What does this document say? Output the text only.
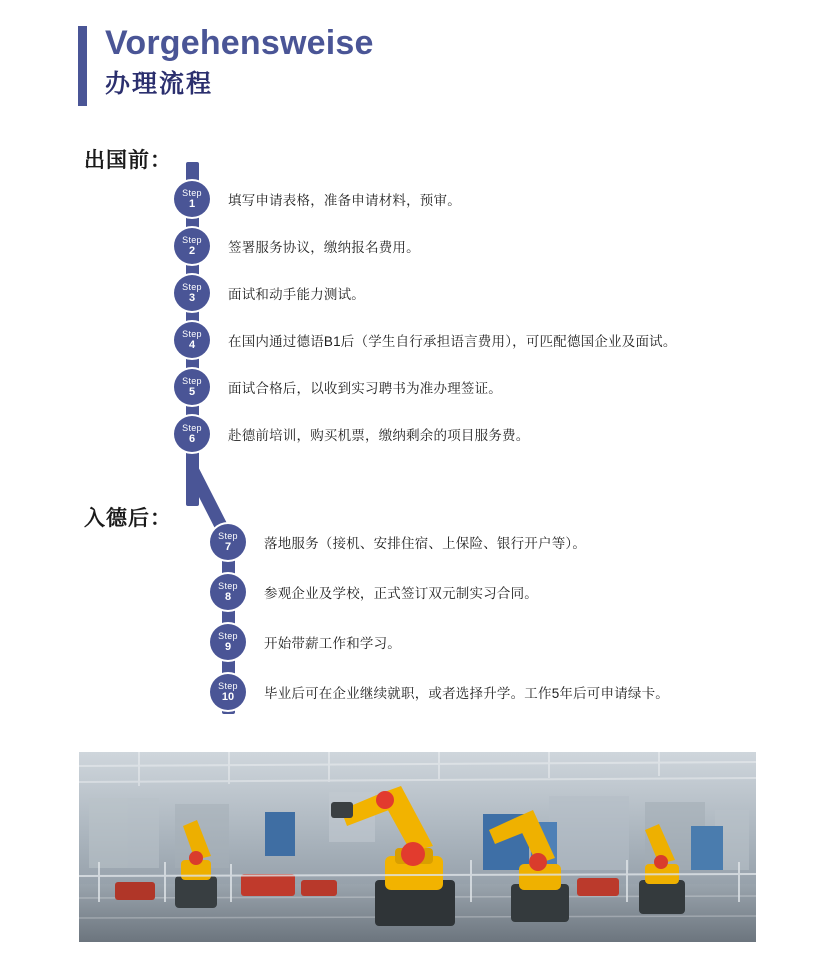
Vorgehensweise
办理流程
出国前：
入德后：
Step
1 填写申请表格，准备申请材料，预审。
Step
2 签署服务协议，缴纳报名费用。
Step
3 面试和动手能力测试。
Step
4 在国内通过德语B1后（学生自行承担语言费用），可匹配德国企业及面试。
Step
5 面试合格后，以收到实习聘书为准办理签证。
Step
6 赴德前培训，购买机票，缴纳剩余的项目服务费。
Step
7 落地服务（接机、安排住宿、上保险、银行开户等）。
Step
8 参观企业及学校，正式签订双元制实习合同。
Step
9 开始带薪工作和学习。
Step
10 毕业后可在企业继续就职，或者选择升学。工作5年后可申请绿卡。
